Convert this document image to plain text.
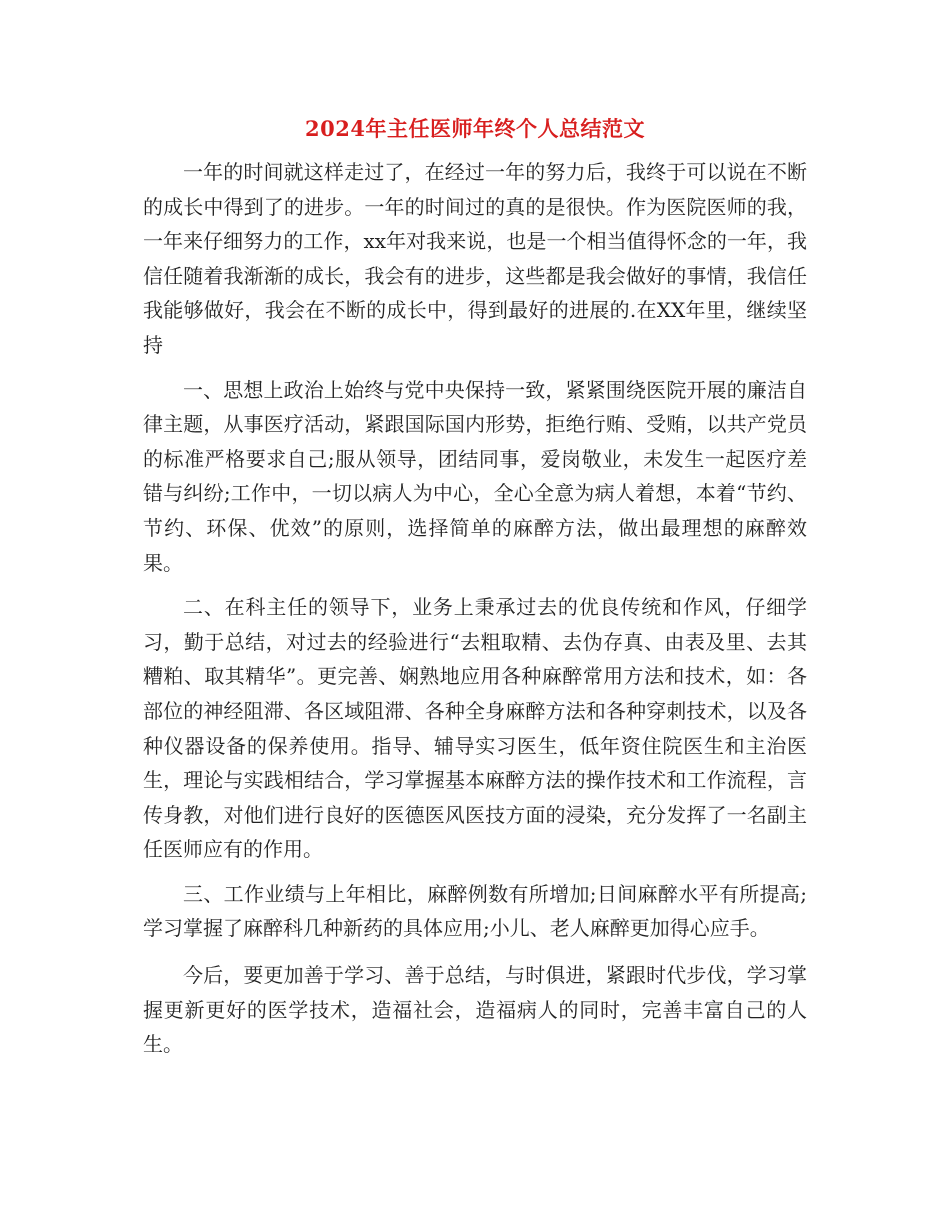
2024年主任医师年终个人总结范文

一年的时间就这样走过了，在经过一年的努力后，我终于可以说在不断的成长中得到了的进步。一年的时间过的真的是很快。作为医院医师的我，一年来仔细努力的工作，xx年对我来说，也是一个相当值得怀念的一年，我信任随着我渐渐的成长，我会有的进步，这些都是我会做好的事情，我信任我能够做好，我会在不断的成长中，得到最好的进展的.在XX年里，继续坚持

一、思想上政治上始终与党中央保持一致，紧紧围绕医院开展的廉洁自律主题，从事医疗活动，紧跟国际国内形势，拒绝行贿、受贿，以共产党员的标准严格要求自己;服从领导，团结同事，爱岗敬业，未发生一起医疗差错与纠纷;工作中，一切以病人为中心，全心全意为病人着想，本着“节约、节约、环保、优效”的原则，选择简单的麻醉方法，做出最理想的麻醉效果。

二、在科主任的领导下，业务上秉承过去的优良传统和作风，仔细学习，勤于总结，对过去的经验进行“去粗取精、去伪存真、由表及里、去其糟粕、取其精华”。更完善、娴熟地应用各种麻醉常用方法和技术，如：各部位的神经阻滞、各区域阻滞、各种全身麻醉方法和各种穿刺技术，以及各种仪器设备的保养使用。指导、辅导实习医生，低年资住院医生和主治医生，理论与实践相结合，学习掌握基本麻醉方法的操作技术和工作流程，言传身教，对他们进行良好的医德医风医技方面的浸染，充分发挥了一名副主任医师应有的作用。

三、工作业绩与上年相比，麻醉例数有所增加;日间麻醉水平有所提高;学习掌握了麻醉科几种新药的具体应用;小儿、老人麻醉更加得心应手。

今后，要更加善于学习、善于总结，与时俱进，紧跟时代步伐，学习掌握更新更好的医学技术，造福社会，造福病人的同时，完善丰富自己的人生。
